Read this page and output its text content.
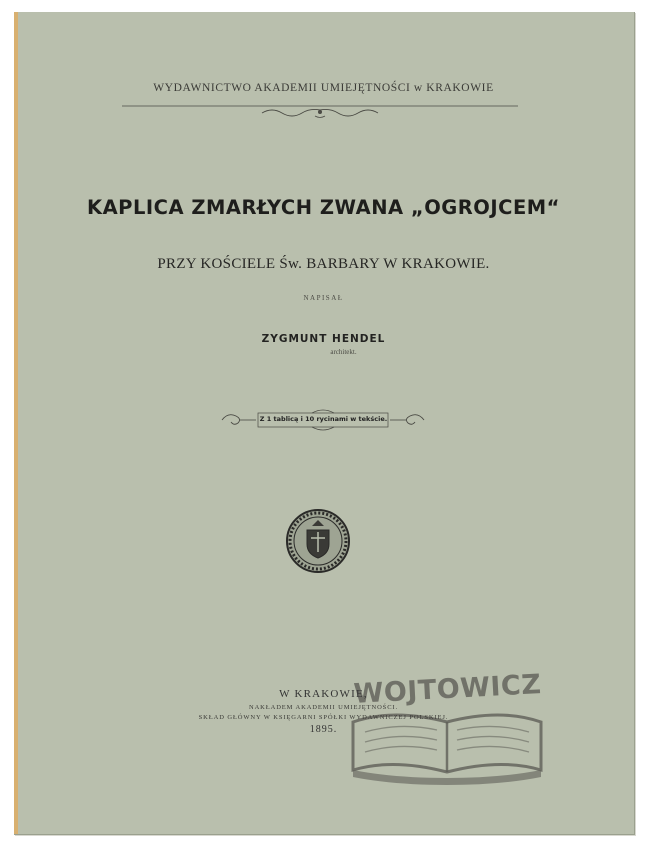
WYDAWNICTWO AKADEMII UMIEJĘTNOŚCI w KRAKOWIE
KAPLICA ZMARŁYCH ZWANA „OGROJCEM“
PRZY KOŚCIELE Św. BARBARY W KRAKOWIE.
NAPISAŁ
ZYGMUNT HENDEL
architekt.
Z 1 tablicą i 10 rycinami w tekście.
WOJTOWICZ
W KRAKOWIE,
NAKŁADEM AKADEMII UMIEJĘTNOŚCI.
SKŁAD GŁÓWNY W KSIĘGARNI SPÓŁKI WYDAWNICZEJ POLSKIEJ.
1895.
